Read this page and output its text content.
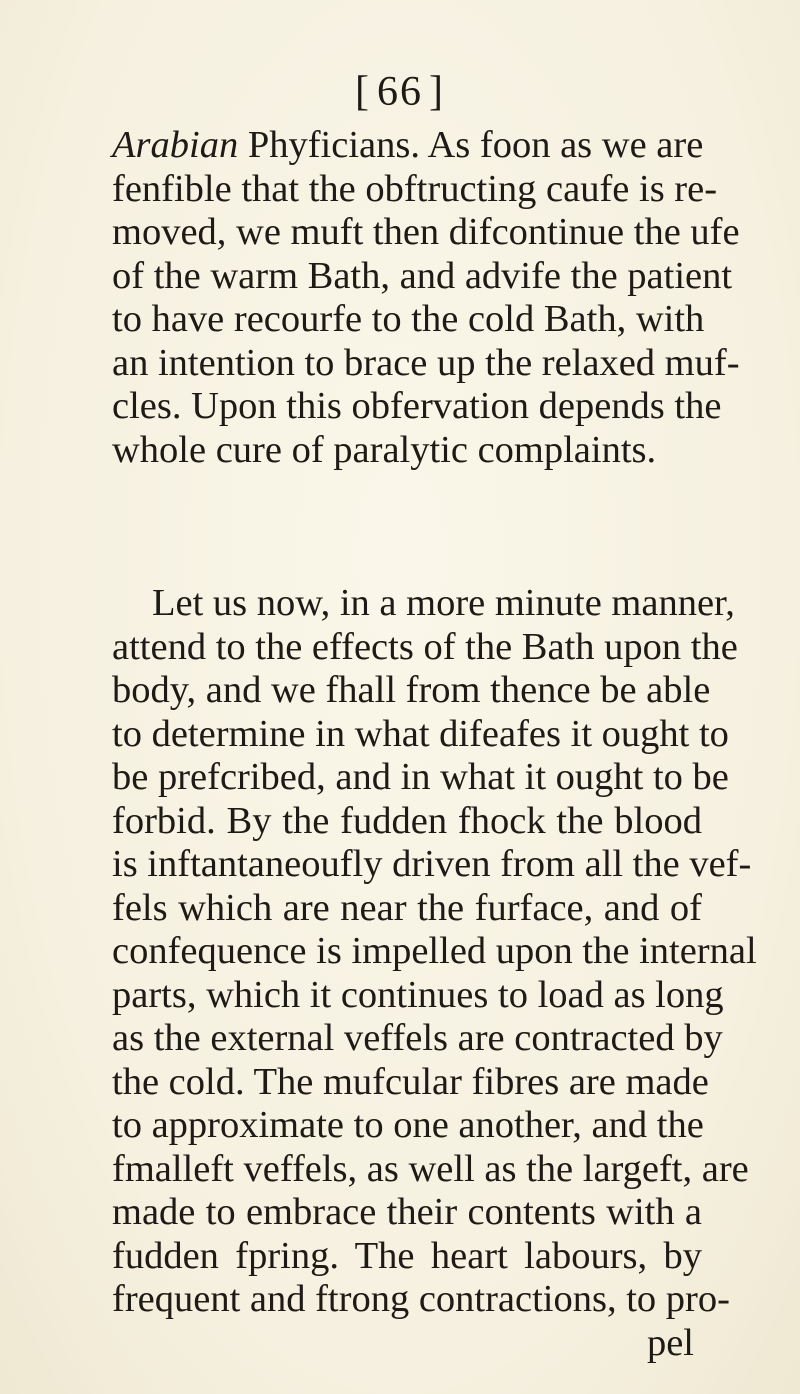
[ 66 ]
Arabian Phyficians. As foon as we are
fenfible that the obftructing caufe is re-
moved, we muft then difcontinue the ufe
of the warm Bath, and advife the patient
to have recourfe to the cold Bath, with
an intention to brace up the relaxed muf-
cles. Upon this obfervation depends the
whole cure of paralytic complaints.
Let us now, in a more minute manner,
attend to the effects of the Bath upon the
body, and we fhall from thence be able
to determine in what difeafes it ought to
be prefcribed, and in what it ought to be
forbid. By the fudden fhock the blood
is inftantaneoufly driven from all the vef-
fels which are near the furface, and of
confequence is impelled upon the internal
parts, which it continues to load as long
as the external veffels are contracted by
the cold. The mufcular fibres are made
to approximate to one another, and the
fmalleft veffels, as well as the largeft, are
made to embrace their contents with a
fudden fpring. The heart labours, by
frequent and ftrong contractions, to pro-
pel
